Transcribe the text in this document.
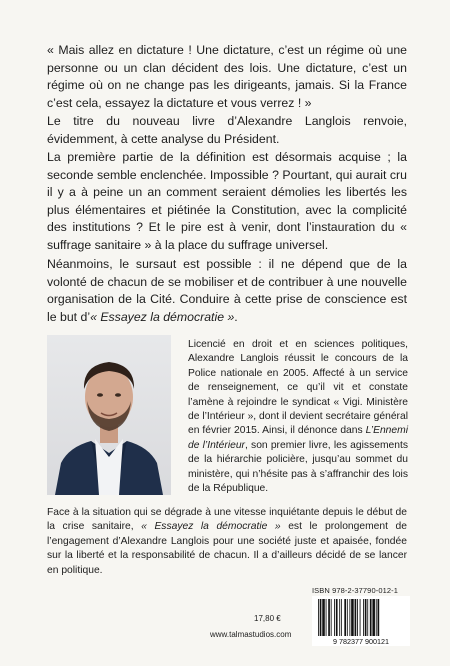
« Mais allez en dictature ! Une dictature, c’est un régime où une personne ou un clan décident des lois. Une dictature, c’est un régime où on ne change pas les dirigeants, jamais. Si la France c’est cela, essayez la dictature et vous verrez ! »

Le titre du nouveau livre d’Alexandre Langlois renvoie, évidemment, à cette analyse du Président.

La première partie de la définition est désormais acquise ; la seconde semble enclenchée. Impossible ? Pourtant, qui aurait cru il y a à peine un an comment seraient démolies les libertés les plus élémentaires et piétinée la Constitution, avec la complicité des institutions ? Et le pire est à venir, dont l’instauration du « suffrage sanitaire » à la place du suffrage universel.

Néanmoins, le sursaut est possible : il ne dépend que de la volonté de chacun de se mobiliser et de contribuer à une nouvelle organisation de la Cité. Conduire à cette prise de conscience est le but d’« Essayez la démocratie ».

Licencié en droit et en sciences politiques, Alexandre Langlois réussit le concours de la Police nationale en 2005. Affecté à un service de renseignement, ce qu’il vit et constate l’amène à rejoindre le syndicat « Vigi. Ministère de l’Intérieur », dont il devient secrétaire général en février 2015. Ainsi, il dénonce dans L’Ennemi de l’Intérieur, son premier livre, les agissements de la hiérarchie policière, jusqu’au sommet du ministère, qui n’hésite pas à s’affranchir des lois de la République.

Face à la situation qui se dégrade à une vitesse inquiétante depuis le début de la crise sanitaire, « Essayez la démocratie » est le prolongement de l’engagement d’Alexandre Langlois pour une société juste et apaisée, fondée sur la liberté et la responsabilité de chacun. Il a d’ailleurs décidé de se lancer en politique.

ISBN 978-2-37790-012-1
9 782377 900121
17,80 €
www.talmastudios.com
